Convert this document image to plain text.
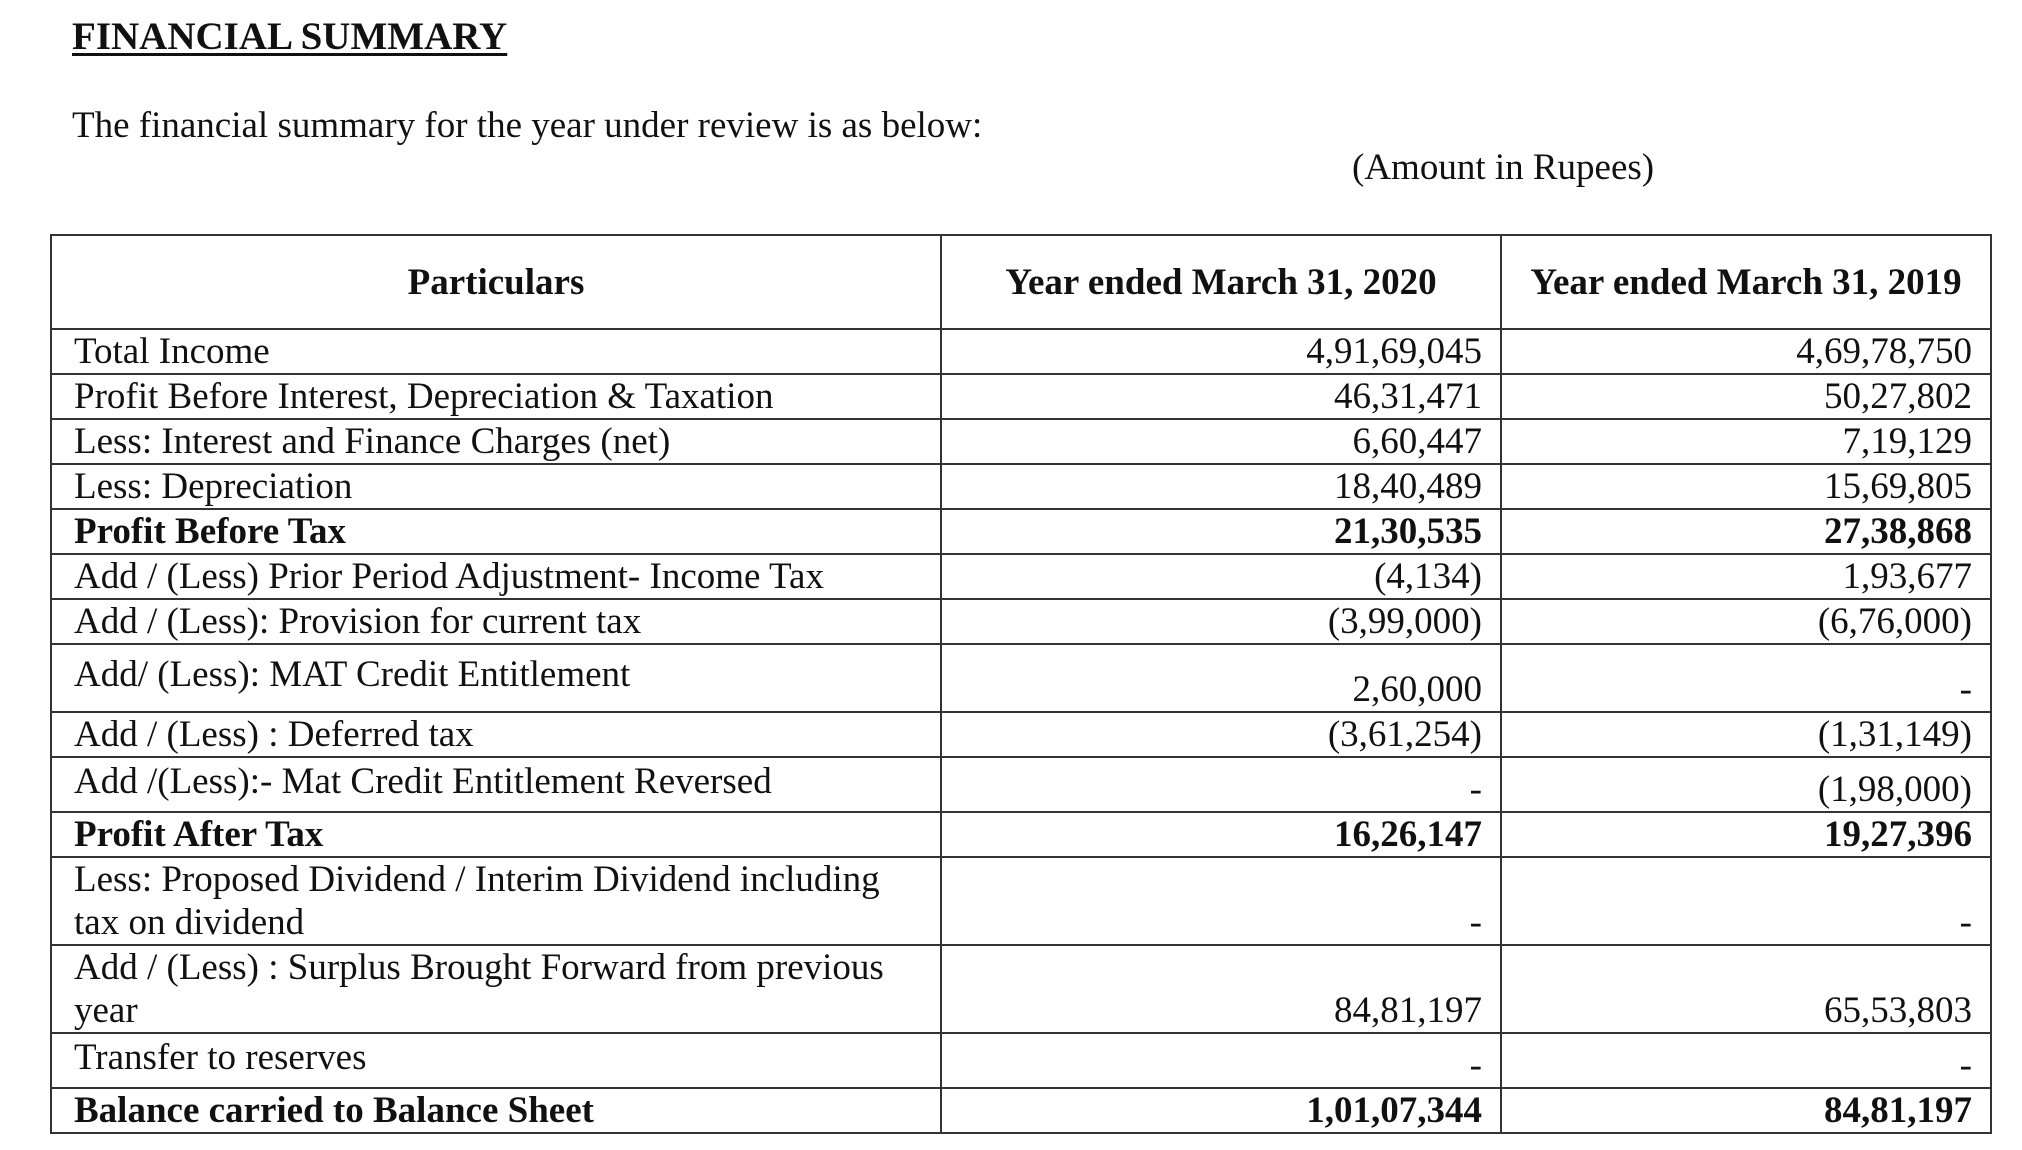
FINANCIAL SUMMARY
The financial summary for the year under review is as below:
(Amount in Rupees)
Particulars	Year ended March 31, 2020	Year ended March 31, 2019
Total Income	4,91,69,045	4,69,78,750
Profit Before Interest, Depreciation & Taxation	46,31,471	50,27,802
Less: Interest and Finance Charges (net)	6,60,447	7,19,129
Less: Depreciation	18,40,489	15,69,805
Profit Before Tax	21,30,535	27,38,868
Add / (Less) Prior Period Adjustment- Income Tax	(4,134)	1,93,677
Add / (Less): Provision for current tax	(3,99,000)	(6,76,000)
Add/ (Less): MAT Credit Entitlement	2,60,000	-
Add / (Less) : Deferred tax	(3,61,254)	(1,31,149)
Add /(Less):- Mat Credit Entitlement Reversed	-	(1,98,000)
Profit After Tax	16,26,147	19,27,396
Less: Proposed Dividend / Interim Dividend including tax on dividend	-	-
Add / (Less) : Surplus Brought Forward from previous year	84,81,197	65,53,803
Transfer to reserves	-	-
Balance carried to Balance Sheet	1,01,07,344	84,81,197
